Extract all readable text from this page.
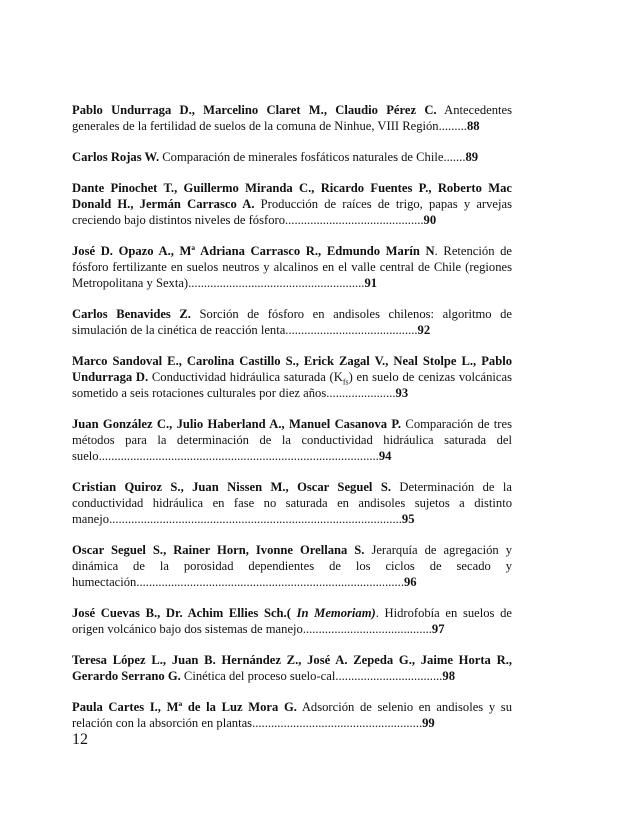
Pablo Undurraga D., Marcelino Claret M., Claudio Pérez C. Antecedentes generales de la fertilidad de suelos de la comuna de Ninhue, VIII Región.........88

Carlos Rojas W. Comparación de minerales fosfáticos naturales de Chile.......89

Dante Pinochet T., Guillermo Miranda C., Ricardo Fuentes P., Roberto Mac Donald H., Jermán Carrasco A. Producción de raíces de trigo, papas y arvejas creciendo bajo distintos niveles de fósforo............................................90

José D. Opazo A., Mª Adriana Carrasco R., Edmundo Marín N. Retención de fósforo fertilizante en suelos neutros y alcalinos en el valle central de Chile (regiones Metropolitana y Sexta)........................................................91

Carlos Benavides Z. Sorción de fósforo en andisoles chilenos: algoritmo de simulación de la cinética de reacción lenta..........................................92

Marco Sandoval E., Carolina Castillo S., Erick Zagal V., Neal Stolpe L., Pablo Undurraga D. Conductividad hidráulica saturada $(K_{fs})$ en suelo de cenizas volcánicas sometido a seis rotaciones culturales por diez años......................93

Juan González C., Julio Haberland A., Manuel Casanova P. Comparación de tres métodos para la determinación de la conductividad hidráulica saturada del suelo.........................................................................................94

Cristian Quiroz S., Juan Nissen M., Oscar Seguel S. Determinación de la conductividad hidráulica en fase no saturada en andisoles sujetos a distinto manejo.............................................................................................95

Oscar Seguel S., Rainer Horn, Ivonne Orellana S. Jerarquía de agregación y dinámica de la porosidad dependientes de los ciclos de secado y humectación.....................................................................................96

José Cuevas B., Dr. Achim Ellies Sch.( In Memoriam). Hidrofobía en suelos de origen volcánico bajo dos sistemas de manejo.........................................97

Teresa López L., Juan B. Hernández Z., José A. Zepeda G., Jaime Horta R., Gerardo Serrano G. Cinética del proceso suelo-cal..................................98

Paula Cartes I., Mª de la Luz Mora G. Adsorción de selenio en andisoles y su relación con la absorción en plantas......................................................99

12
